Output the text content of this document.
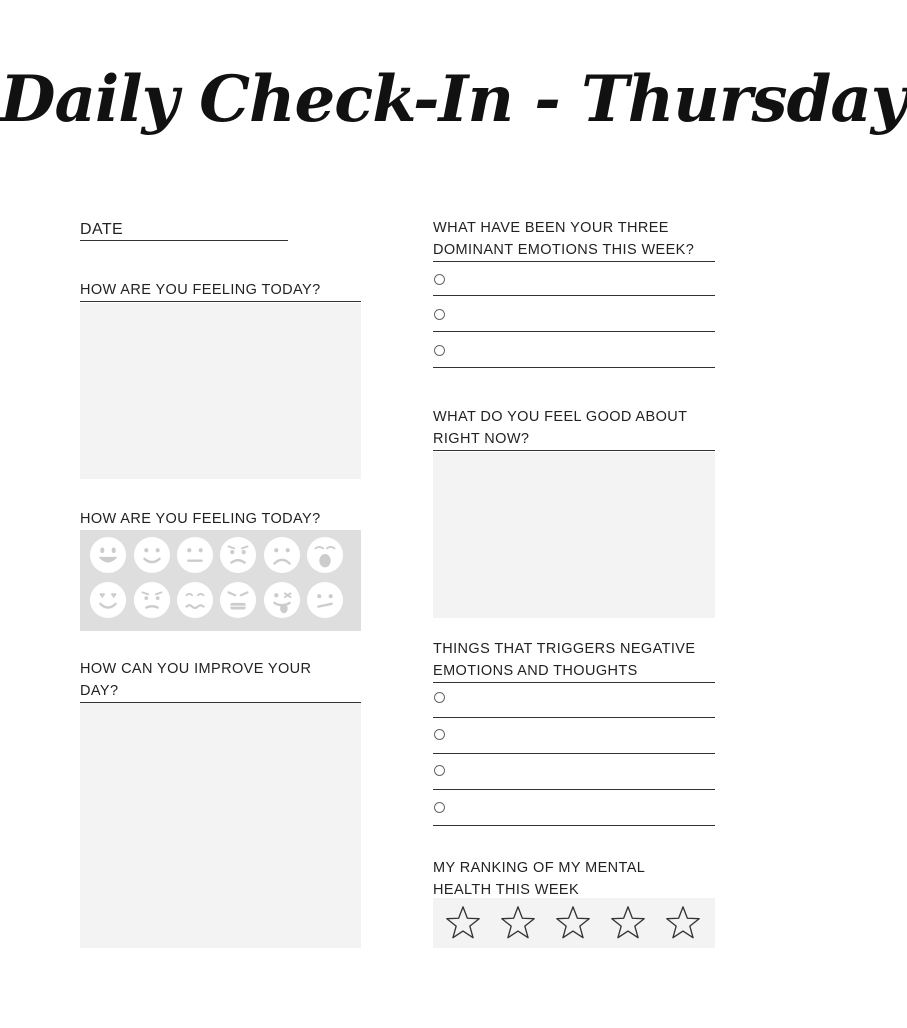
Daily Check-In - Thursday
DATE
HOW ARE YOU FEELING TODAY?
HOW ARE YOU FEELING TODAY?
HOW CAN YOU IMPROVE YOUR
DAY?
WHAT HAVE BEEN YOUR THREE
DOMINANT EMOTIONS THIS WEEK?
WHAT DO YOU FEEL GOOD ABOUT
RIGHT NOW?
THINGS THAT TRIGGERS NEGATIVE
EMOTIONS AND THOUGHTS
MY RANKING OF MY MENTAL
HEALTH THIS WEEK
